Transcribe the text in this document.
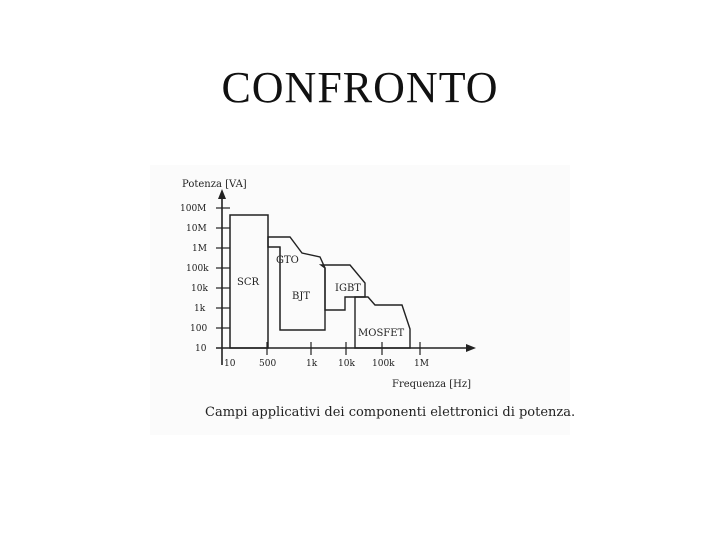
CONFRONTO
Potenza [VA]
Frequenza [Hz]
100M
10M
1M
100k
10k
1k
100
10
10	500	1k 10k 100k 1M
SCR
GTO
BJT
IGBT
MOSFET
Campi applicativi dei componenti elettronici di potenza.
